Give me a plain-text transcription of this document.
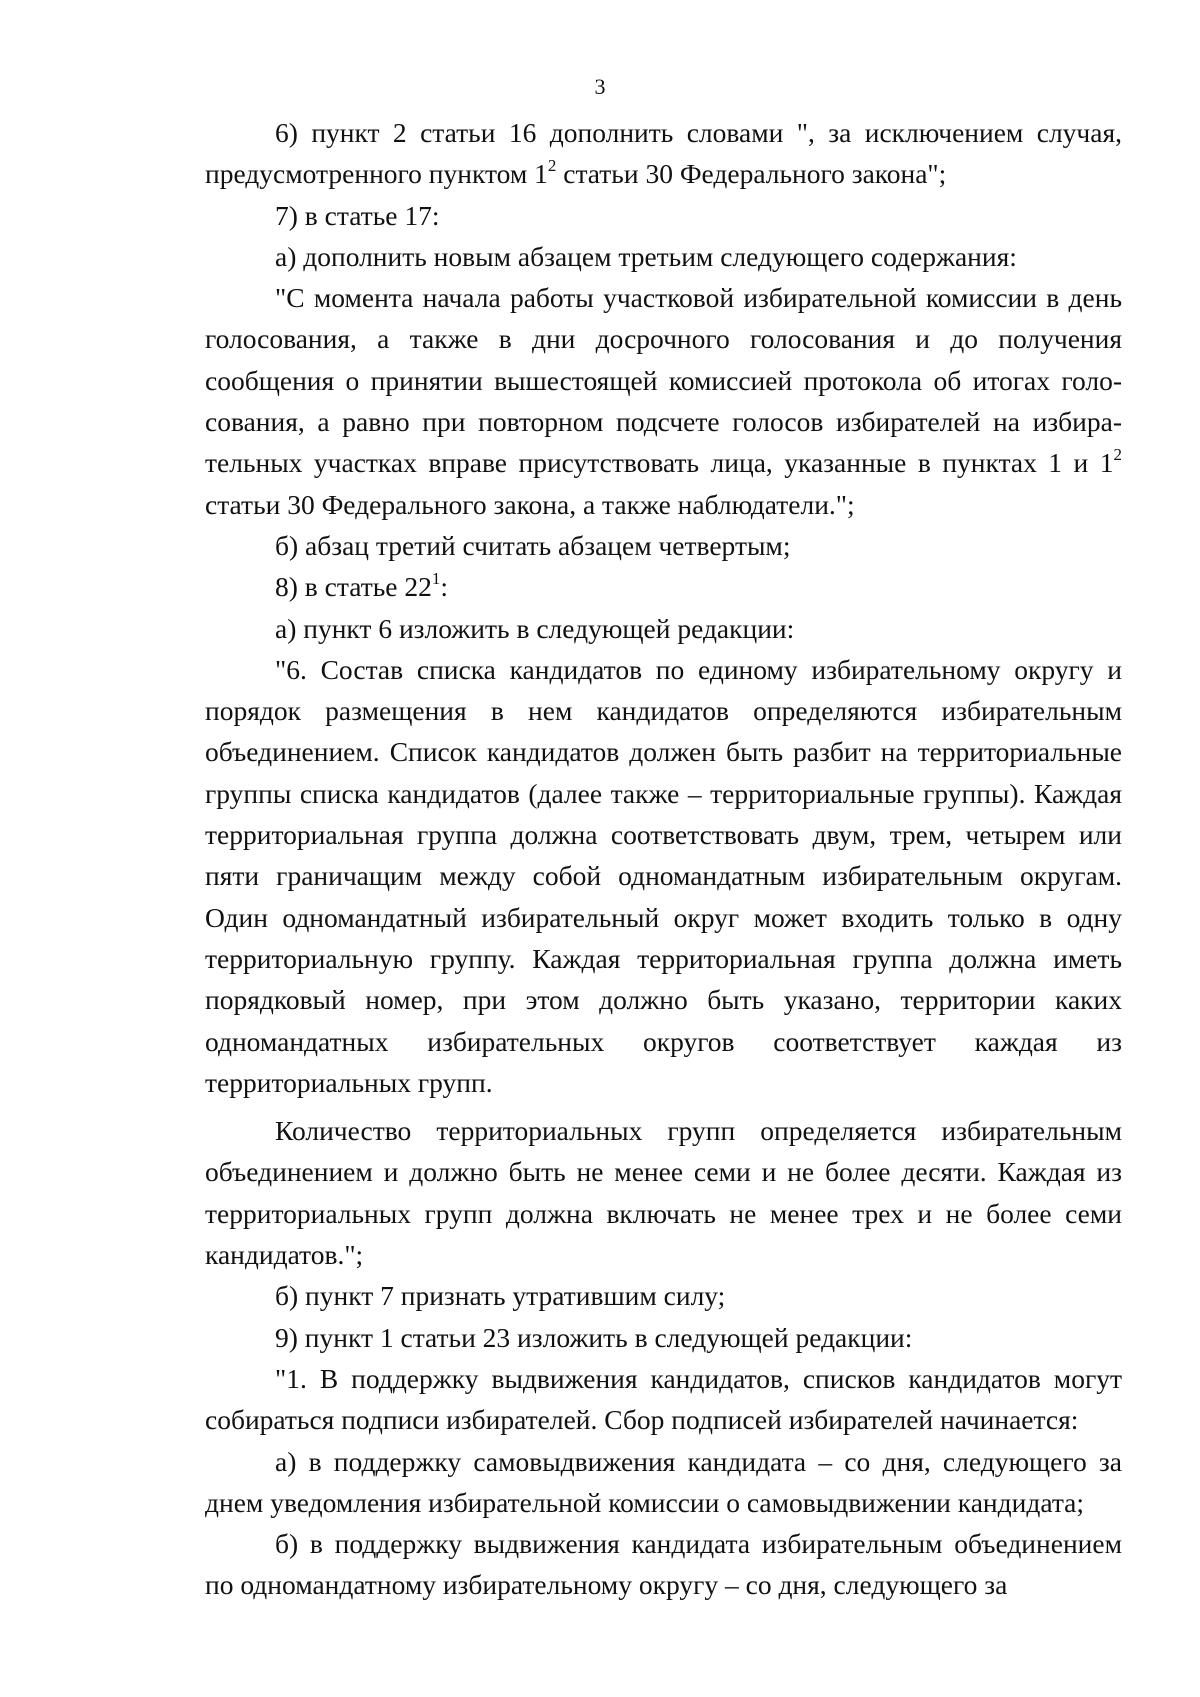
3

6) пункт 2 статьи 16 дополнить словами ", за исключением случая, предусмотренного пунктом $1^2$ статьи 30 Федерального закона";

7) в статье 17:

а) дополнить новым абзацем третьим следующего содержания:

"С момента начала работы участковой избирательной комиссии в день голосования, а также в дни досрочного голосования и до получения сообщения о принятии вышестоящей комиссией протокола об итогах голосования, а равно при повторном подсчете голосов избирателей на избирательных участках вправе присутствовать лица, указанные в пунктах 1 и $1^2$ статьи 30 Федерального закона, а также наблюдатели.";

б) абзац третий считать абзацем четвертым;

8) в статье $22^1$:

а) пункт 6 изложить в следующей редакции:

"6. Состав списка кандидатов по единому избирательному округу и порядок размещения в нем кандидатов определяются избирательным объединением. Список кандидатов должен быть разбит на территориальные группы списка кандидатов (далее также – территориальные группы). Каждая территориальная группа должна соответствовать двум, трем, четырем или пяти граничащим между собой одномандатным избирательным округам. Один одномандатный избирательный округ может входить только в одну территориальную группу. Каждая территориальная группа должна иметь порядковый номер, при этом должно быть указано, территории каких одномандатных избирательных округов соответствует каждая из территориальных групп.

Количество территориальных групп определяется избирательным объединением и должно быть не менее семи и не более десяти. Каждая из территориальных групп должна включать не менее трех и не более семи кандидатов.";

б) пункт 7 признать утратившим силу;

9) пункт 1 статьи 23 изложить в следующей редакции:

"1. В поддержку выдвижения кандидатов, списков кандидатов могут собираться подписи избирателей. Сбор подписей избирателей начинается:

а) в поддержку самовыдвижения кандидата – со дня, следующего за днем уведомления избирательной комиссии о самовыдвижении кандидата;

б) в поддержку выдвижения кандидата избирательным объединением по одномандатному избирательному округу – со дня, следующего за
